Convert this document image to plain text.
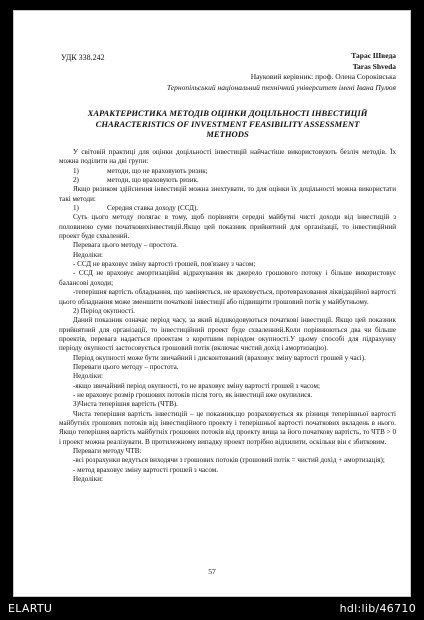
УДК 338.242	Тарас Шведа
Taras Shveda
Науковий керівник: проф. Олена Сороківська
Тернопільський національний технічний університет імені Івана Пулюя
ХАРАКТЕРИСТИКА МЕТОДІВ ОЦІНКИ ДОЦІЛЬНОСТІ ІНВЕСТИЦІЙ
CHARACTERISTICS OF INVESTMENT FEASIBILITY ASSESSMENT
METHODS

У світовій практиці для оцінки доцільності інвестицій найчастіше використовують безліч методів. Їх можна поділити на дві групи:

1)	методи, що не враховують ризик;
2)	методи, що враховують ризик.

Якщо ризиком здійснення інвестицій можна знехтувати, то для оцінки їх доцільності можна використати такі методи:

1)	Середня ставка доходу (ССД).

Суть цього методу полягає в тому, щоб порівняти середні майбутні чисті доходи від інвестицій з половиною суми початковихінвестицій.Якщо цей показник прийнятний для організації, то інвестиційний проект буде схвалений.

Перевага цього методу – простота.

Недоліки:

- ССД не враховує зміну вартості грошей, пов'язану з часом;

- ССД не враховує амортизаційні відрахування як джерело грошового потоку і більше використовує балансові доходи;

-теперішня вартість обладнання, що заміняється, не враховується, протевраховання ліквідаційної вартості цього обладнання може зменшити початкові інвестиції або підвищити грошовий потік у майбутньому.

2) Період окупності.

Даний показник означає період часу, за який відшкодовуються початкові інвестиції. Якщо цей показник прийнятний для організації, то інвестиційний проект буде схваленний.Коли порівнюються два чи більше проектів, перевага надається проектам з коротшим періодом окупності.У цьому способі для підрахунку періоду окупності застосовується грошовий потік (включає чистий дохід і амортизацію).

Період окупності може бути звичайний і дисконтований (враховує зміну вартості грошей у часі).

Переваги цього методу – простота.

Недоліки:

-якщо звичайний період окупності, то не враховує зміну вартості грошей з часом;

- не враховує розмір грошових потоків після того, як інвестиції вже окупилися.

3)Чиста теперішня вартість (ЧТВ).

Чиста теперішня вартість інвестицій – це показник,що розраховується як різниця теперішньої вартості майбутніх грошових потоків від інвестиційного проекту і теперішньої вартості початкових вкладень в нього. Якщо теперішня вартість майбутніх грошових потоків від проекту вища за його початкову вартість, то ЧТВ > 0 і проект можна реалізувати. В протилежному випадку проект потрібно відхилити, оскільки він є збитковим.

Переваги методу ЧТВ:

-всі розрахунки ведуться виходячи з грошових потоків (грошовий потік = чистий дохід + амортизація);

- метод враховує зміну вартості грошей з часом.

Недоліки:

57
ELARTU	hdl:lib/46710
